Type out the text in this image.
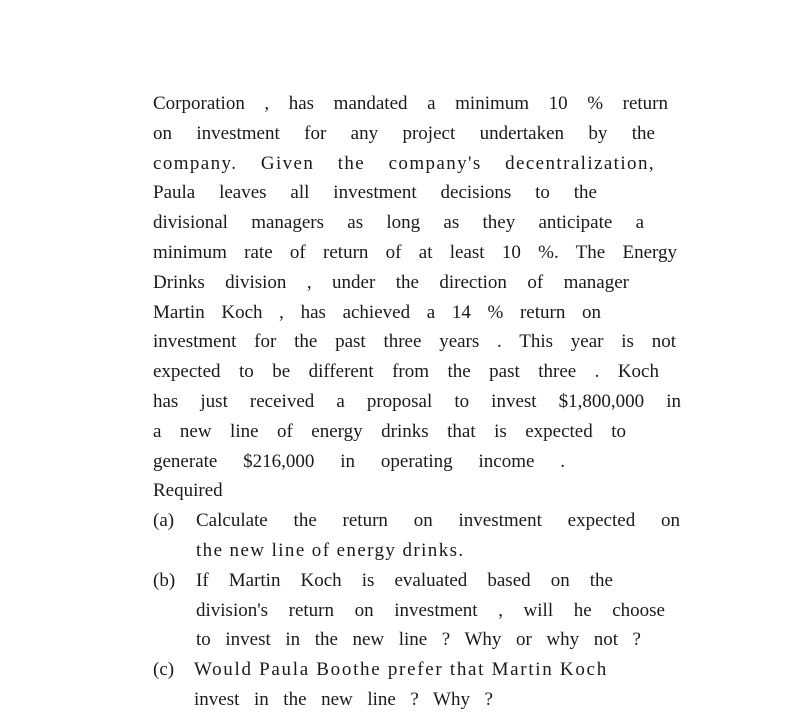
Corporation , has mandated a minimum 10 % return
on investment for any project undertaken by the
company. Given the company's decentralization,
Paula leaves all investment decisions to the
divisional managers as long as they anticipate a
minimum rate of return of at least 10 %. The Energy
Drinks division , under the direction of manager
Martin Koch , has achieved a 14 % return on
investment for the past three years . This year is not
expected to be different from the past three . Koch
has just received a proposal to invest $1,800,000 in
a new line of energy drinks that is expected to
generate $216,000 in operating income .
Required
(a) Calculate the return on investment expected on
the new line of energy drinks.
(b) If Martin Koch is evaluated based on the
division's return on investment , will he choose
to invest in the new line ? Why or why not ?
(c) Would Paula Boothe prefer that Martin Koch
invest in the new line ? Why ?
